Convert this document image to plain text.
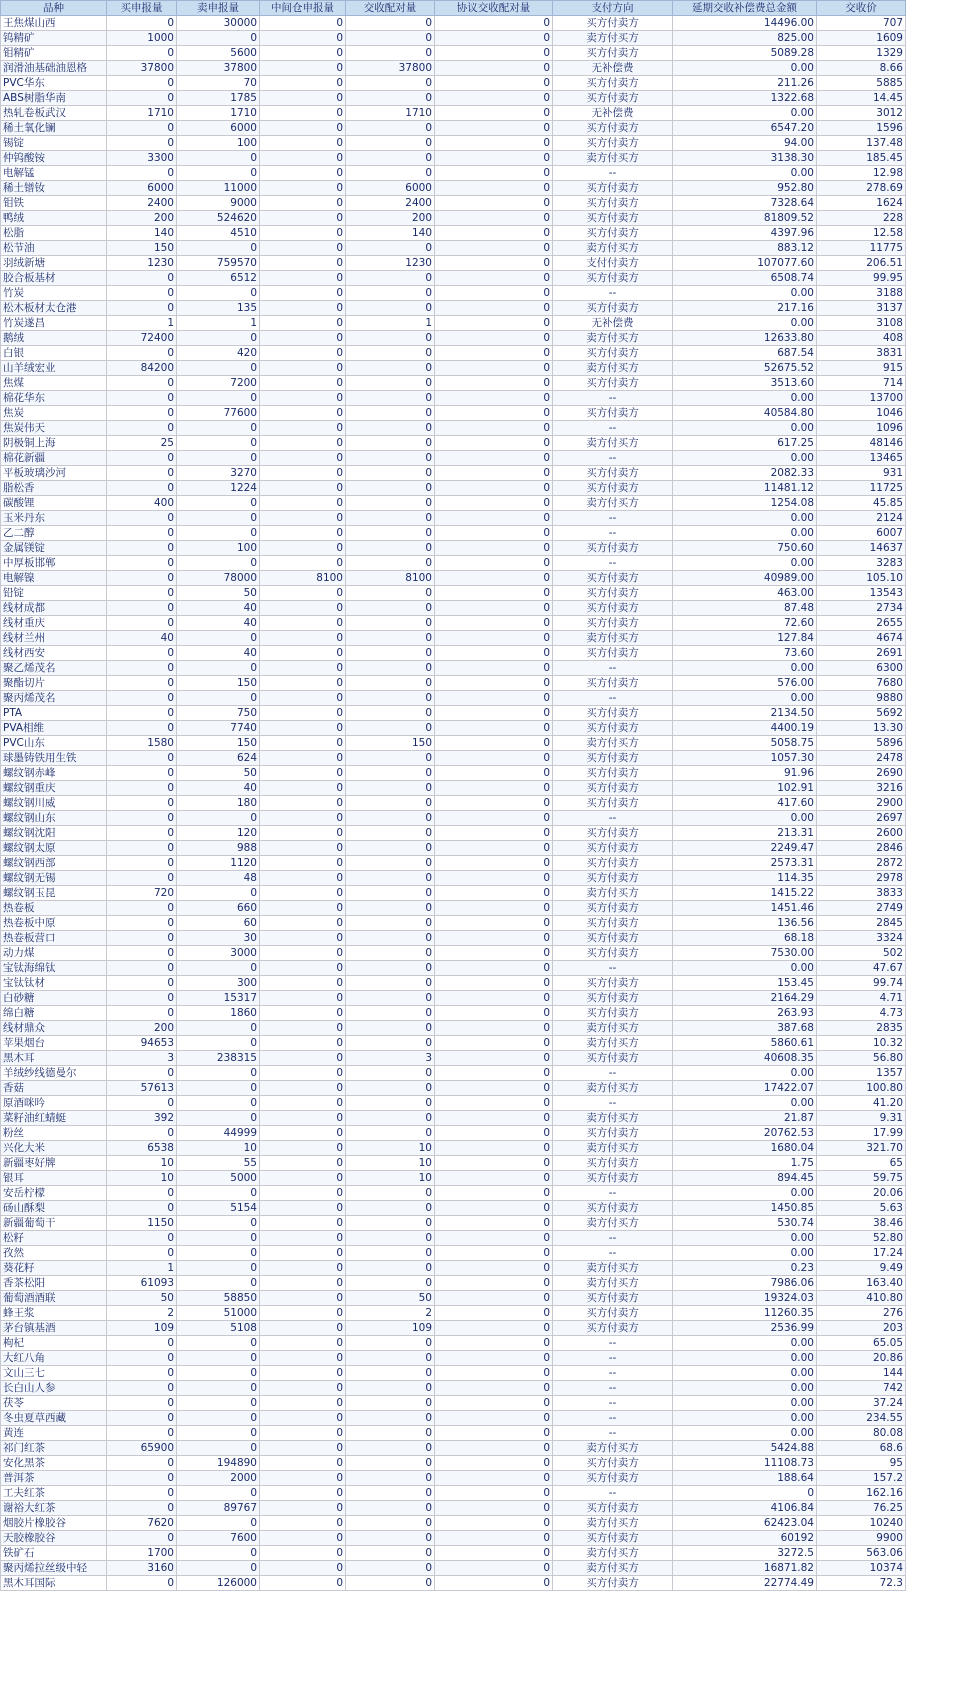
品种	买申报量	卖申报量	中间仓申报量	交收配对量	协议交收配对量	支付方向	延期交收补偿费总金额	交收价
王焦煤山西	0	30000	0	0	0	买方付卖方	14496.00	707
钨精矿	1000	0	0	0	0	卖方付买方	825.00	1609
钼精矿	0	5600	0	0	0	买方付卖方	5089.28	1329
润滑油基础油恩格	37800	37800	0	37800	0	无补偿费	0.00	8.66
PVC华东	0	70	0	0	0	买方付卖方	211.26	5885
ABS树脂华南	0	1785	0	0	0	买方付卖方	1322.68	14.45
热轧卷板武汉	1710	1710	0	1710	0	无补偿费	0.00	3012
稀土氧化镧	0	6000	0	0	0	买方付卖方	6547.20	1596
锡锭	0	100	0	0	0	买方付卖方	94.00	137.48
仲钨酸铵	3300	0	0	0	0	卖方付买方	3138.30	185.45
电解锰	0	0	0	0	0	--	0.00	12.98
稀土镨钕	6000	11000	0	6000	0	买方付卖方	952.80	278.69
钼铁	2400	9000	0	2400	0	买方付卖方	7328.64	1624
鸭绒	200	524620	0	200	0	买方付卖方	81809.52	228
松脂	140	4510	0	140	0	买方付卖方	4397.96	12.58
松节油	150	0	0	0	0	卖方付买方	883.12	11775
羽绒新塘	1230	759570	0	1230	0	支付付卖方	107077.60	206.51
胶合板基材	0	6512	0	0	0	买方付卖方	6508.74	99.95
竹炭	0	0	0	0	0	--	0.00	3188
松木板材太仓港	0	135	0	0	0	买方付卖方	217.16	3137
竹炭遂昌	1	1	0	1	0	无补偿费	0.00	3108
鹅绒	72400	0	0	0	0	卖方付买方	12633.80	408
白银	0	420	0	0	0	买方付卖方	687.54	3831
山羊绒宏业	84200	0	0	0	0	卖方付买方	52675.52	915
焦煤	0	7200	0	0	0	买方付卖方	3513.60	714
棉花华东	0	0	0	0	0	--	0.00	13700
焦炭	0	77600	0	0	0	买方付卖方	40584.80	1046
焦炭伟天	0	0	0	0	0	--	0.00	1096
阴极铜上海	25	0	0	0	0	卖方付买方	617.25	48146
棉花新疆	0	0	0	0	0	--	0.00	13465
平板玻璃沙河	0	3270	0	0	0	买方付卖方	2082.33	931
脂松香	0	1224	0	0	0	买方付卖方	11481.12	11725
碳酸锂	400	0	0	0	0	卖方付买方	1254.08	45.85
玉米丹东	0	0	0	0	0	--	0.00	2124
乙二醇	0	0	0	0	0	--	0.00	6007
金属镁锭	0	100	0	0	0	买方付卖方	750.60	14637
中厚板邯郸	0	0	0	0	0	--	0.00	3283
电解镍	0	78000	8100	8100	0	买方付卖方	40989.00	105.10
铅锭	0	50	0	0	0	买方付卖方	463.00	13543
线材成都	0	40	0	0	0	买方付卖方	87.48	2734
线材重庆	0	40	0	0	0	买方付卖方	72.60	2655
线材兰州	40	0	0	0	0	卖方付买方	127.84	4674
线材西安	0	40	0	0	0	买方付卖方	73.60	2691
聚乙烯茂名	0	0	0	0	0	--	0.00	6300
聚酯切片	0	150	0	0	0	买方付卖方	576.00	7680
聚丙烯茂名	0	0	0	0	0	--	0.00	9880
PTA	0	750	0	0	0	买方付卖方	2134.50	5692
PVA相维	0	7740	0	0	0	买方付卖方	4400.19	13.30
PVC山东	1580	150	0	150	0	卖方付买方	5058.75	5896
球墨铸铁用生铁	0	624	0	0	0	买方付卖方	1057.30	2478
螺纹钢赤峰	0	50	0	0	0	买方付卖方	91.96	2690
螺纹钢重庆	0	40	0	0	0	买方付卖方	102.91	3216
螺纹钢川威	0	180	0	0	0	买方付卖方	417.60	2900
螺纹钢山东	0	0	0	0	0	--	0.00	2697
螺纹钢沈阳	0	120	0	0	0	买方付卖方	213.31	2600
螺纹钢太原	0	988	0	0	0	买方付卖方	2249.47	2846
螺纹钢西部	0	1120	0	0	0	买方付卖方	2573.31	2872
螺纹钢无锡	0	48	0	0	0	买方付卖方	114.35	2978
螺纹钢玉昆	720	0	0	0	0	卖方付买方	1415.22	3833
热卷板	0	660	0	0	0	买方付卖方	1451.46	2749
热卷板中原	0	60	0	0	0	买方付卖方	136.56	2845
热卷板营口	0	30	0	0	0	买方付卖方	68.18	3324
动力煤	0	3000	0	0	0	买方付卖方	7530.00	502
宝钛海绵钛	0	0	0	0	0	--	0.00	47.67
宝钛钛材	0	300	0	0	0	买方付卖方	153.45	99.74
白砂糖	0	15317	0	0	0	买方付卖方	2164.29	4.71
绵白糖	0	1860	0	0	0	买方付卖方	263.93	4.73
线材鼎众	200	0	0	0	0	卖方付买方	387.68	2835
苹果烟台	94653	0	0	0	0	卖方付买方	5860.61	10.32
黑木耳	3	238315	0	3	0	买方付卖方	40608.35	56.80
羊绒纱线德曼尔	0	0	0	0	0	--	0.00	1357
香菇	57613	0	0	0	0	卖方付买方	17422.07	100.80
原酒咪吟	0	0	0	0	0	--	0.00	41.20
菜籽油红蜻蜓	392	0	0	0	0	卖方付买方	21.87	9.31
粉丝	0	44999	0	0	0	买方付卖方	20762.53	17.99
兴化大米	6538	10	0	10	0	卖方付买方	1680.04	321.70
新疆枣好牌	10	55	0	10	0	买方付卖方	1.75	65
银耳	10	5000	0	10	0	买方付卖方	894.45	59.75
安岳柠檬	0	0	0	0	0	--	0.00	20.06
砀山酥梨	0	5154	0	0	0	买方付卖方	1450.85	5.63
新疆葡萄干	1150	0	0	0	0	卖方付买方	530.74	38.46
松籽	0	0	0	0	0	--	0.00	52.80
孜然	0	0	0	0	0	--	0.00	17.24
葵花籽	1	0	0	0	0	卖方付买方	0.23	9.49
香茶松阳	61093	0	0	0	0	卖方付买方	7986.06	163.40
葡萄酒酒联	50	58850	0	50	0	买方付卖方	19324.03	410.80
蜂王浆	2	51000	0	2	0	买方付卖方	11260.35	276
茅台镇基酒	109	5108	0	109	0	买方付卖方	2536.99	203
枸杞	0	0	0	0	0	--	0.00	65.05
大红八角	0	0	0	0	0	--	0.00	20.86
文山三七	0	0	0	0	0	--	0.00	144
长白山人参	0	0	0	0	0	--	0.00	742
茯苓	0	0	0	0	0	--	0.00	37.24
冬虫夏草西藏	0	0	0	0	0	--	0.00	234.55
黄连	0	0	0	0	0	--	0.00	80.08
祁门红茶	65900	0	0	0	0	卖方付买方	5424.88	68.6
安化黑茶	0	194890	0	0	0	买方付卖方	11108.73	95
普洱茶	0	2000	0	0	0	买方付卖方	188.64	157.2
工夫红茶	0	0	0	0	0	--	0	162.16
谢裕大红茶	0	89767	0	0	0	买方付卖方	4106.84	76.25
烟胶片橡胶谷	7620	0	0	0	0	卖方付买方	62423.04	10240
天胶橡胶谷	0	7600	0	0	0	买方付卖方	60192	9900
铁矿石	1700	0	0	0	0	卖方付买方	3272.5	563.06
聚丙烯拉丝级中轻	3160	0	0	0	0	卖方付买方	16871.82	10374
黑木耳国际	0	126000	0	0	0	买方付卖方	22774.49	72.3
